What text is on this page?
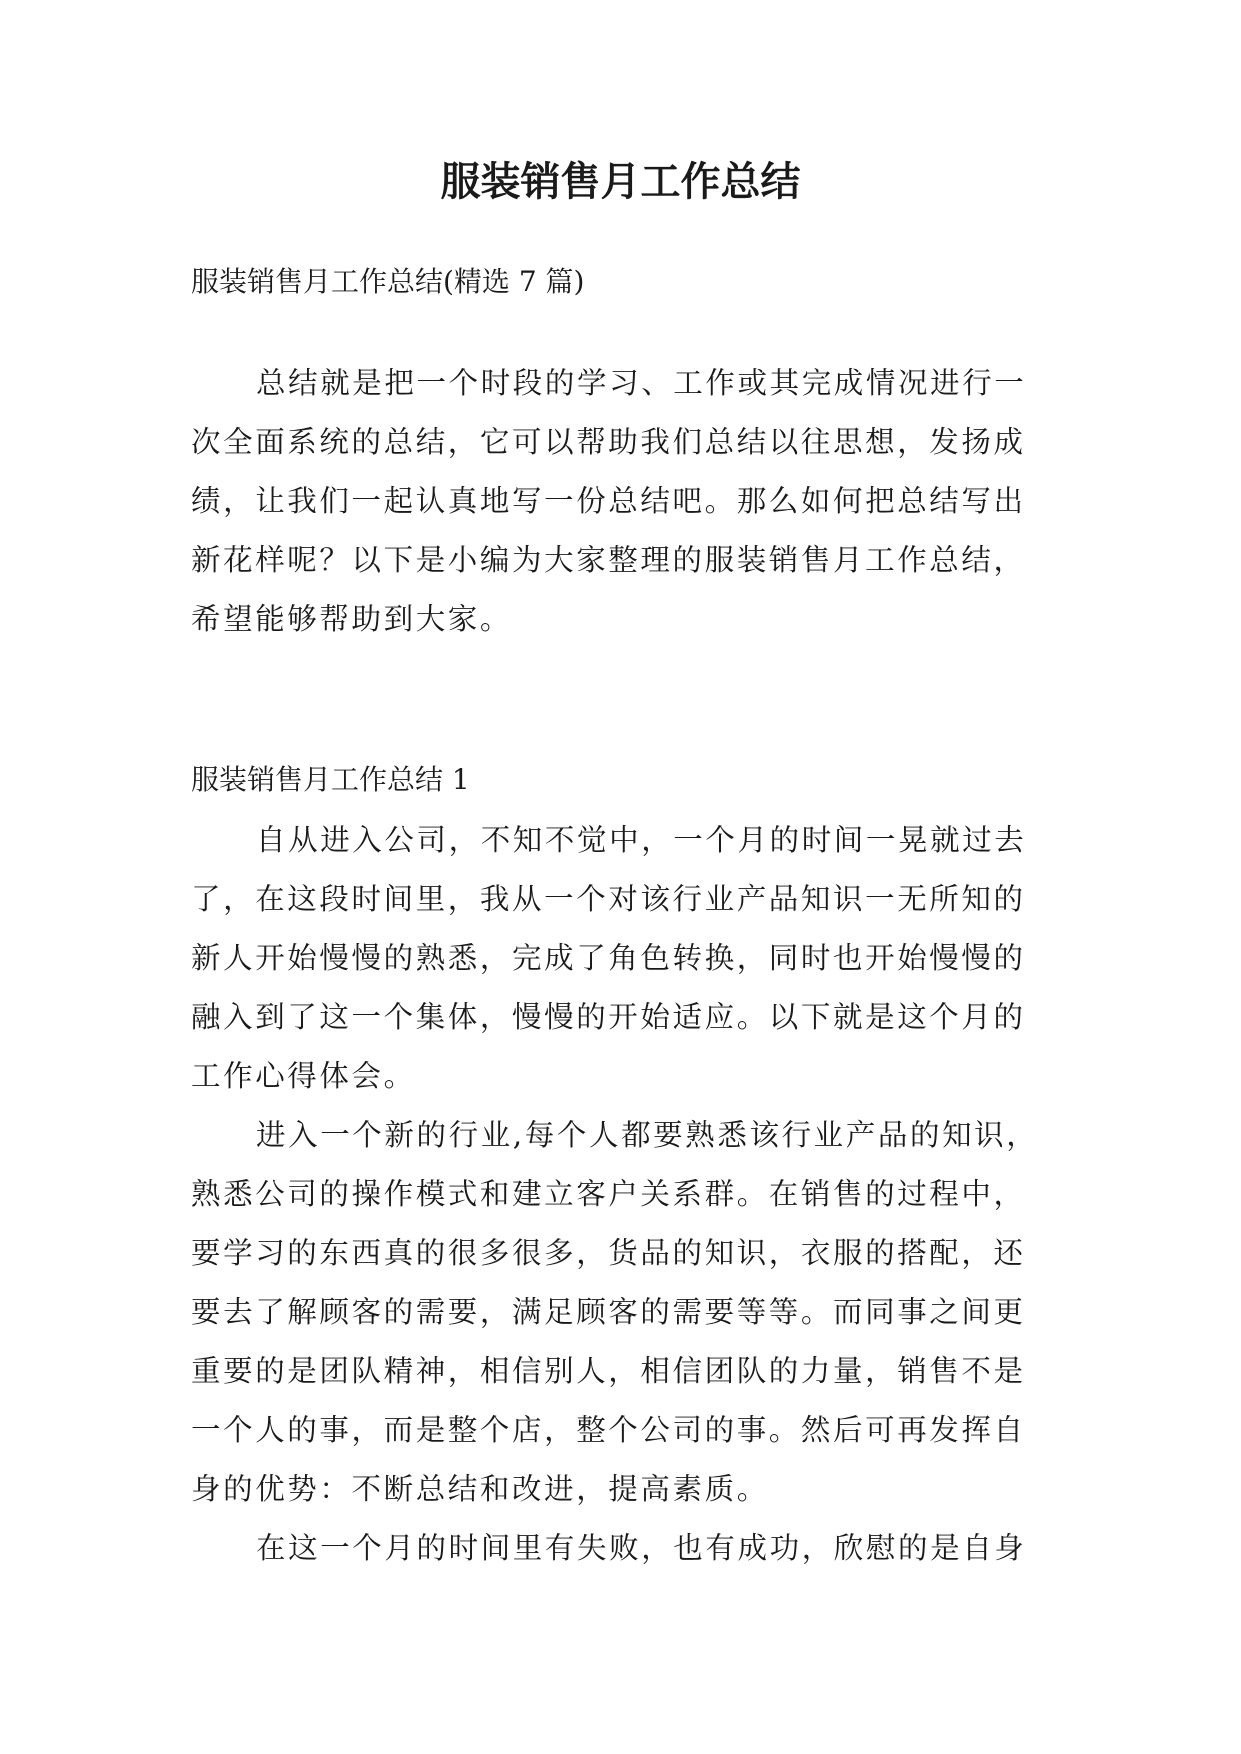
服装销售月工作总结

服装销售月工作总结(精选 7 篇)

总结就是把一个时段的学习、工作或其完成情况进行一
次全面系统的总结，它可以帮助我们总结以往思想，发扬成
绩，让我们一起认真地写一份总结吧。那么如何把总结写出
新花样呢？以下是小编为大家整理的服装销售月工作总结，
希望能够帮助到大家。

服装销售月工作总结 1

自从进入公司，不知不觉中，一个月的时间一晃就过去
了，在这段时间里，我从一个对该行业产品知识一无所知的
新人开始慢慢的熟悉，完成了角色转换，同时也开始慢慢的
融入到了这一个集体，慢慢的开始适应。以下就是这个月的
工作心得体会。
进入一个新的行业,每个人都要熟悉该行业产品的知识，
熟悉公司的操作模式和建立客户关系群。在销售的过程中，
要学习的东西真的很多很多，货品的知识，衣服的搭配，还
要去了解顾客的需要，满足顾客的需要等等。而同事之间更
重要的是团队精神，相信别人，相信团队的力量，销售不是
一个人的事，而是整个店，整个公司的事。然后可再发挥自
身的优势：不断总结和改进，提高素质。
在这一个月的时间里有失败，也有成功，欣慰的是自身
